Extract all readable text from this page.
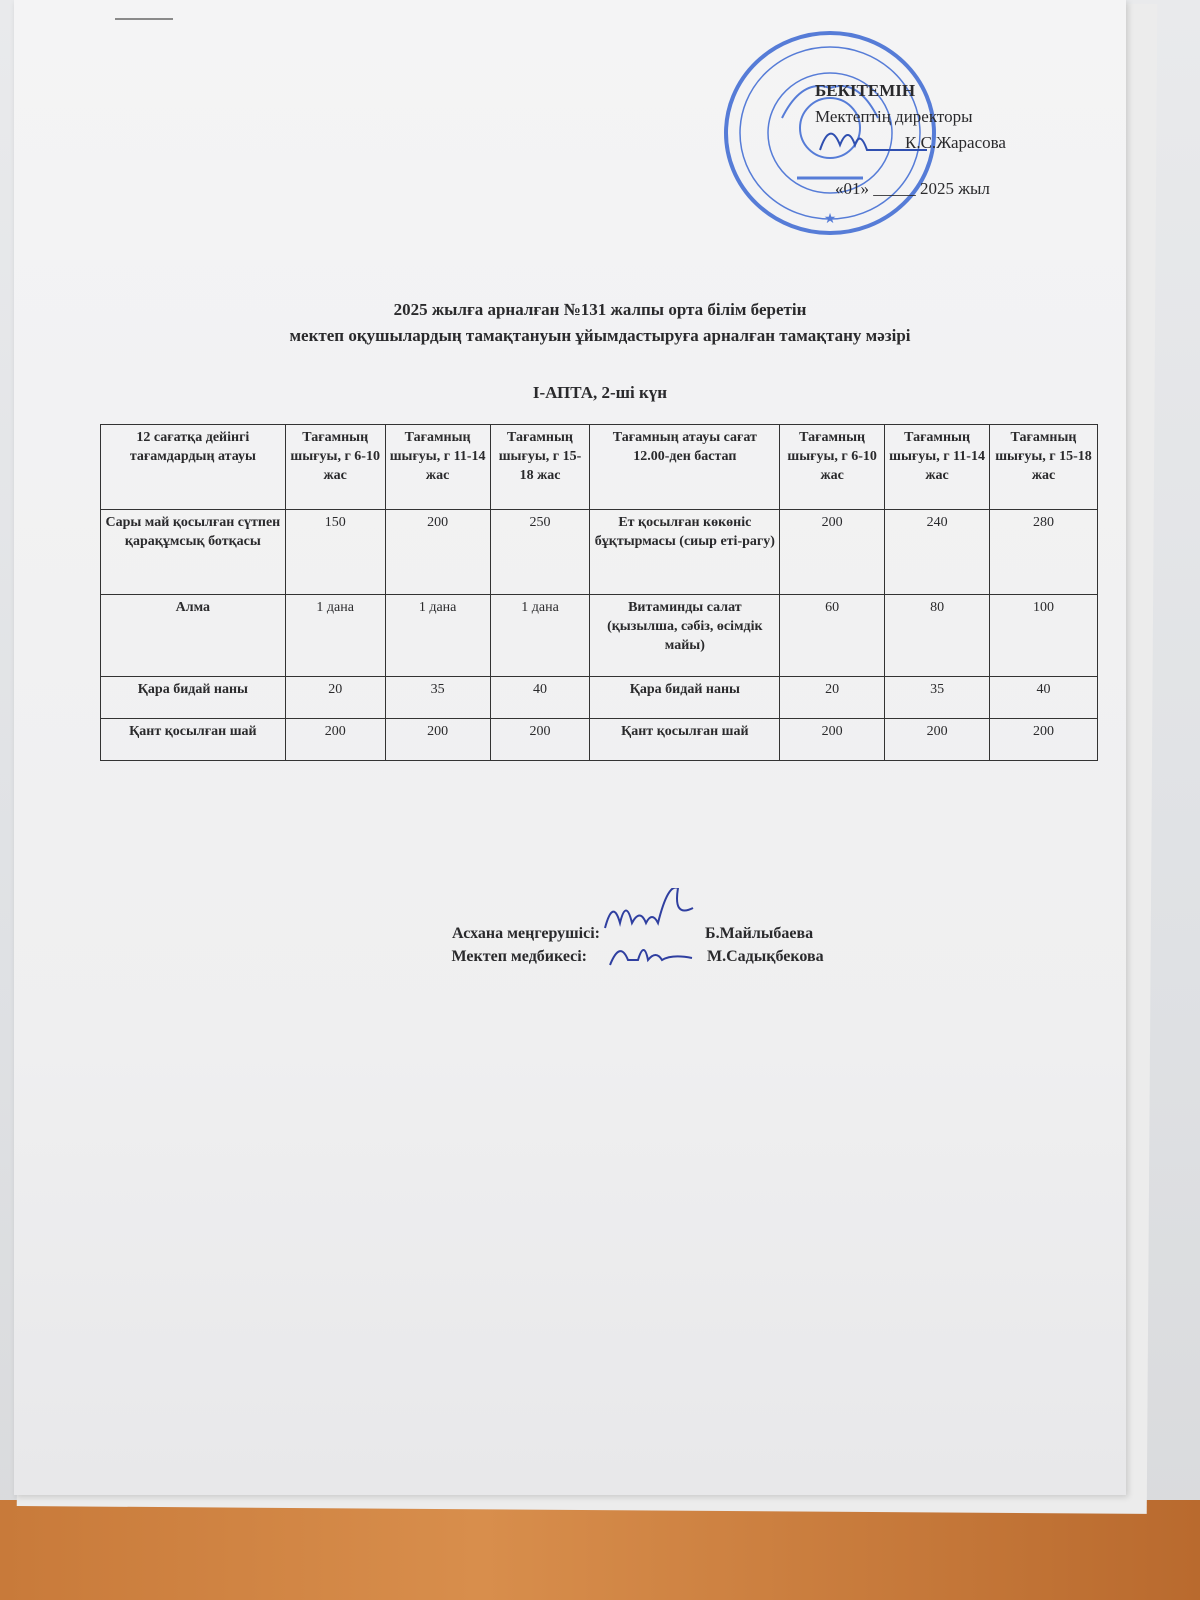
★
БЕКІТЕМІН
Мектептің директоры
К.С.Жарасова
«01» _____ 2025 жыл
2025 жылға арналған №131 жалпы орта білім беретін
мектеп оқушылардың тамақтануын ұйымдастыруға арналған тамақтану мәзірі
І-АПТА, 2-ші күн
12 сағатқа дейінгі тағамдардың атауы	Тағамның шығуы, г 6-10 жас	Тағамның шығуы, г 11-14 жас	Тағамның шығуы, г 15-18 жас	Тағамның атауы сағат 12.00-ден бастап	Тағамның шығуы, г 6-10 жас	Тағамның шығуы, г 11-14 жас	Тағамның шығуы, г 15-18 жас
Сары май қосылған сүтпен қарақұмсық ботқасы	150	200	250	Ет қосылған көкөніс бұқтырмасы (сиыр еті-рагу)	200	240	280
Алма	1 дана	1 дана	1 дана	Витаминды салат (қызылша, сәбіз, өсімдік майы)	60	80	100
Қара бидай наны	20	35	40	Қара бидай наны	20	35	40
Қант қосылған шай	200	200	200	Қант қосылған шай	200	200	200
Асхана меңгерушісі:	Б.Майлыбаева
Мектеп медбикесі:	М.Садықбекова
